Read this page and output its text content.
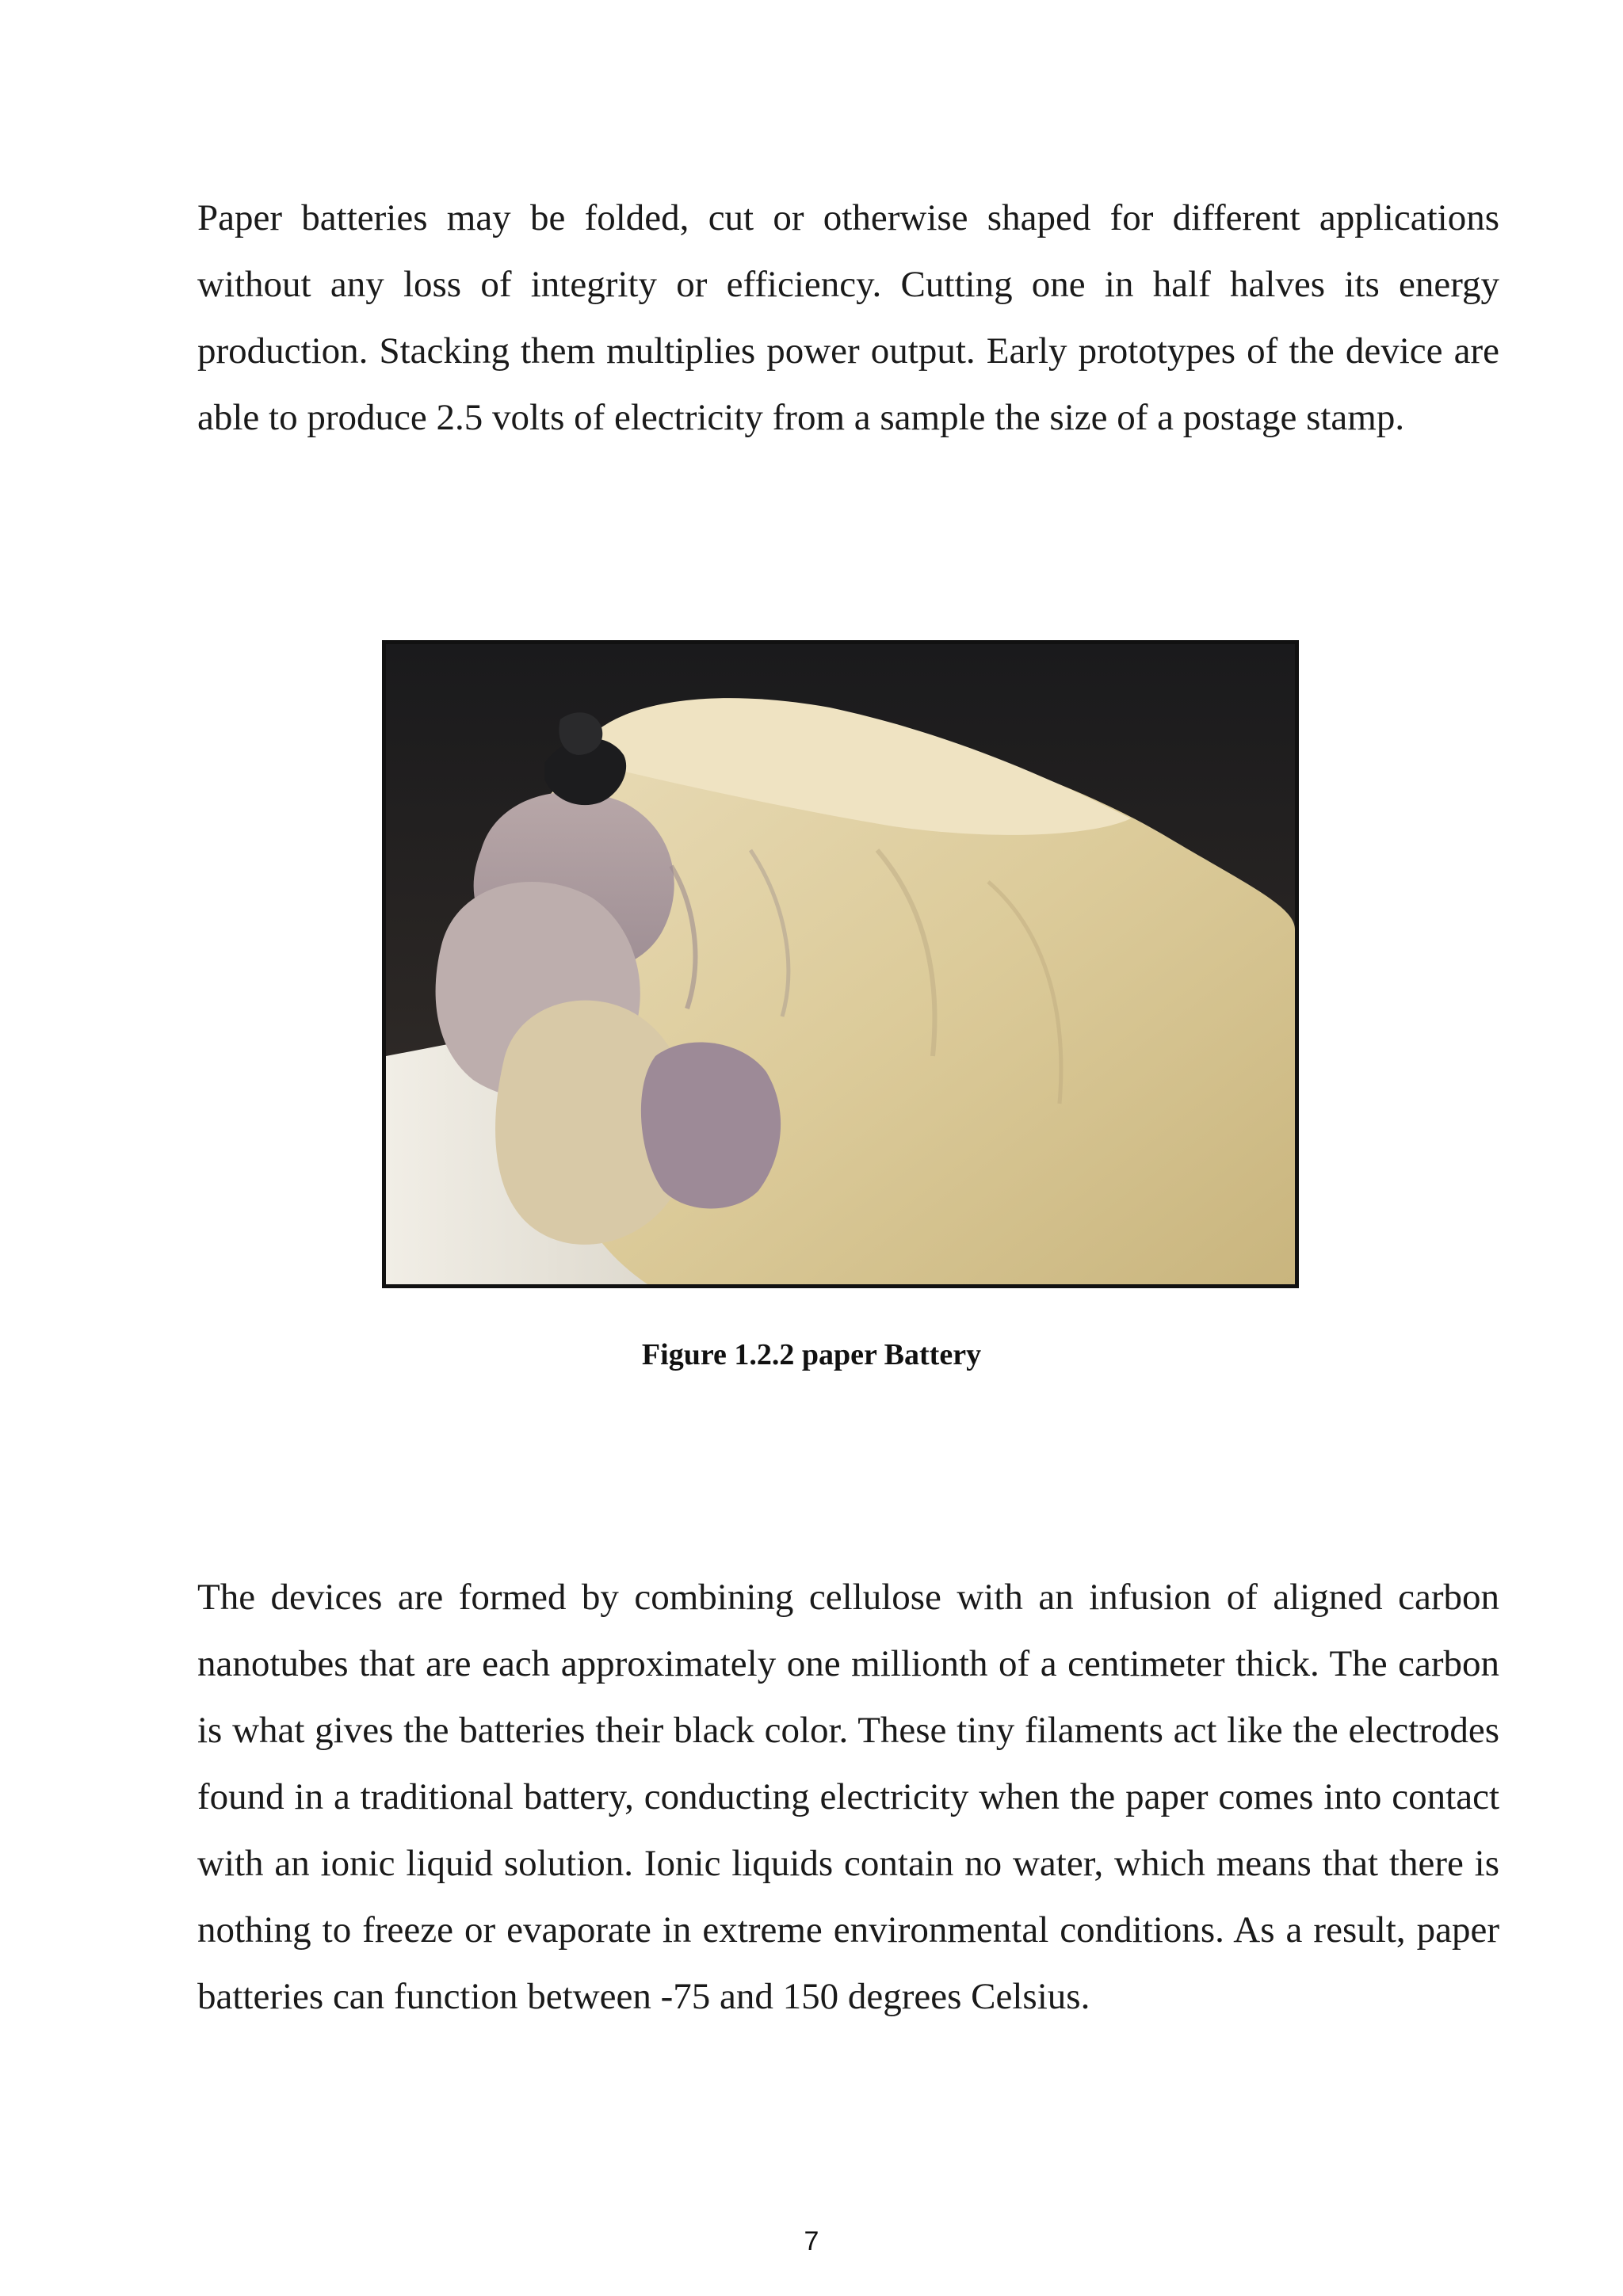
Paper batteries may be folded, cut or otherwise shaped for different applications without any loss of integrity or efficiency. Cutting one in half halves its energy production. Stacking them multiplies power output. Early prototypes of the device are able to produce 2.5 volts of electricity from a sample the size of a postage stamp.

Figure 1.2.2 paper Battery

The devices are formed by combining cellulose with an infusion of aligned carbon nanotubes that are each approximately one millionth of a centimeter thick. The carbon is what gives the batteries their black color. These tiny filaments act like the electrodes found in a traditional battery, conducting electricity when the paper comes into contact with an ionic liquid solution. Ionic liquids contain no water, which means that there is nothing to freeze or evaporate in extreme environmental conditions. As a result, paper batteries can function between -75 and 150 degrees Celsius.

7
